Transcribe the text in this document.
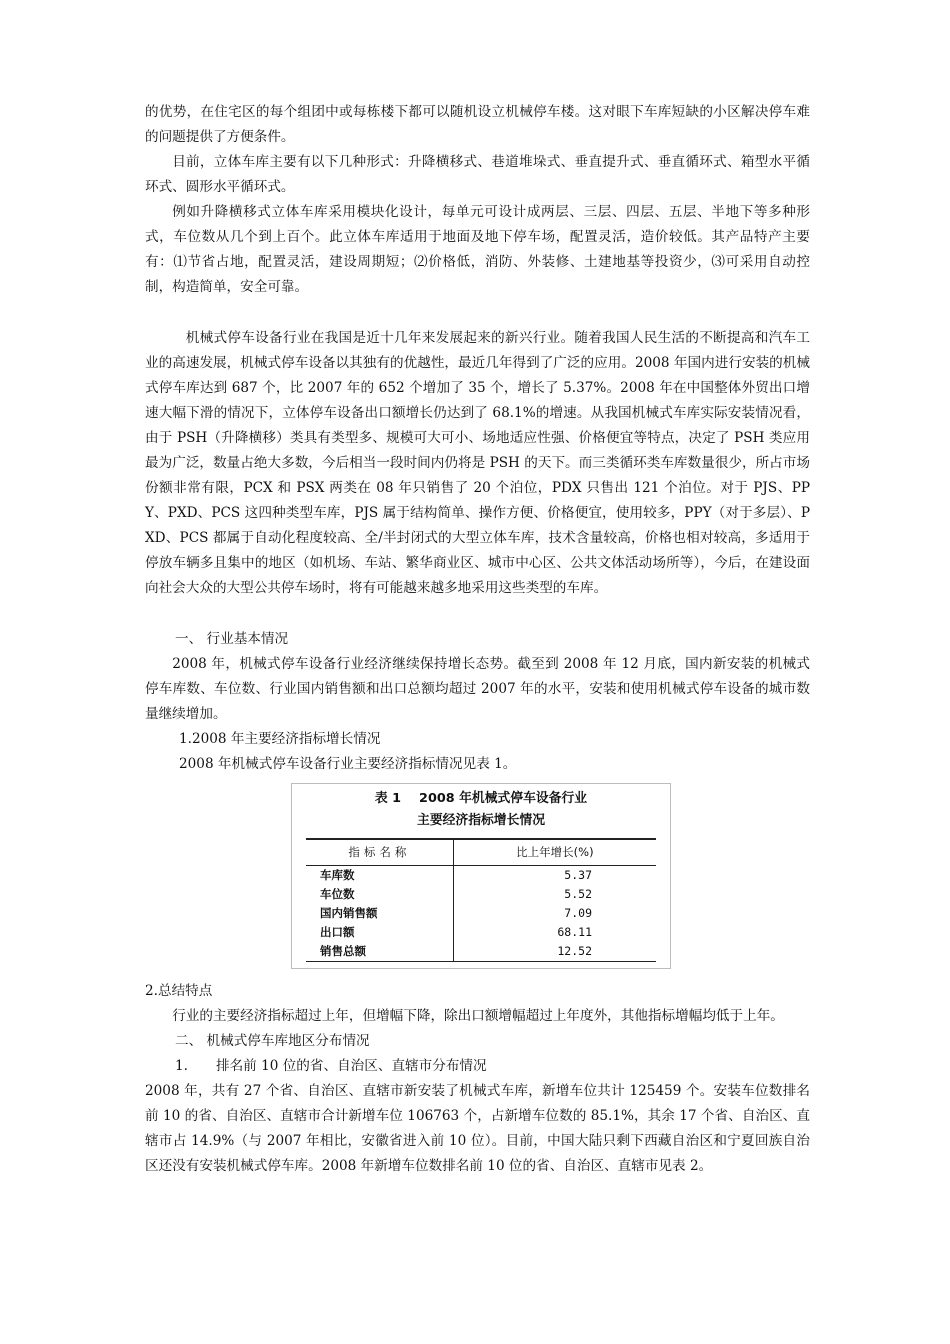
的优势，在住宅区的每个组团中或每栋楼下都可以随机设立机械停车楼。这对眼下车库短缺的小区解决停车难的问题提供了方便条件。

目前，立体车库主要有以下几种形式：升降横移式、巷道堆垛式、垂直提升式、垂直循环式、箱型水平循环式、圆形水平循环式。

例如升降横移式立体车库采用模块化设计，每单元可设计成两层、三层、四层、五层、半地下等多种形式，车位数从几个到上百个。此立体车库适用于地面及地下停车场，配置灵活，造价较低。其产品特产主要有：⑴节省占地，配置灵活，建设周期短；⑵价格低，消防、外装修、土建地基等投资少，⑶可采用自动控制，构造简单，安全可靠。

机械式停车设备行业在我国是近十几年来发展起来的新兴行业。随着我国人民生活的不断提高和汽车工业的高速发展，机械式停车设备以其独有的优越性，最近几年得到了广泛的应用。2008 年国内进行安装的机械式停车库达到 687 个，比 2007 年的 652 个增加了 35 个，增长了 5.37%。2008 年在中国整体外贸出口增速大幅下滑的情况下，立体停车设备出口额增长仍达到了 68.1%的增速。从我国机械式车库实际安装情况看，由于 PSH（升降横移）类具有类型多、规模可大可小、场地适应性强、价格便宜等特点，决定了 PSH 类应用最为广泛，数量占绝大多数，今后相当一段时间内仍将是 PSH 的天下。而三类循环类车库数量很少，所占市场份额非常有限，PCX 和 PSX 两类在 08 年只销售了 20 个泊位，PDX 只售出 121 个泊位。对于 PJS、PPY、PXD、PCS 这四种类型车库，PJS 属于结构简单、操作方便、价格便宜，使用较多，PPY（对于多层）、PXD、PCS 都属于自动化程度较高、全/半封闭式的大型立体车库，技术含量较高，价格也相对较高，多适用于停放车辆多且集中的地区（如机场、车站、繁华商业区、城市中心区、公共文体活动场所等），今后，在建设面向社会大众的大型公共停车场时，将有可能越来越多地采用这些类型的车库。

一、 行业基本情况

2008 年，机械式停车设备行业经济继续保持增长态势。截至到 2008 年 12 月底，国内新安装的机械式停车库数、车位数、行业国内销售额和出口总额均超过 2007 年的水平，安装和使用机械式停车设备的城市数量继续增加。

1.2008 年主要经济指标增长情况

2008 年机械式停车设备行业主要经济指标情况见表 1。

表 1 2008 年机械式停车设备行业

主要经济指标增长情况

指标名称	比上年增长(%)
车库数	5.37
车位数	5.52
国内销售额	7.09
出口额	68.11
销售总额	12.52

2.总结特点

行业的主要经济指标超过上年，但增幅下降，除出口额增幅超过上年度外，其他指标增幅均低于上年。

二、 机械式停车库地区分布情况

1. 排名前 10 位的省、自治区、直辖市分布情况

2008 年，共有 27 个省、自治区、直辖市新安装了机械式车库，新增车位共计 125459 个。安装车位数排名前 10 的省、自治区、直辖市合计新增车位 106763 个，占新增车位数的 85.1%，其余 17 个省、自治区、直辖市占 14.9%（与 2007 年相比，安徽省进入前 10 位）。目前，中国大陆只剩下西藏自治区和宁夏回族自治区还没有安装机械式停车库。2008 年新增车位数排名前 10 位的省、自治区、直辖市见表 2。
